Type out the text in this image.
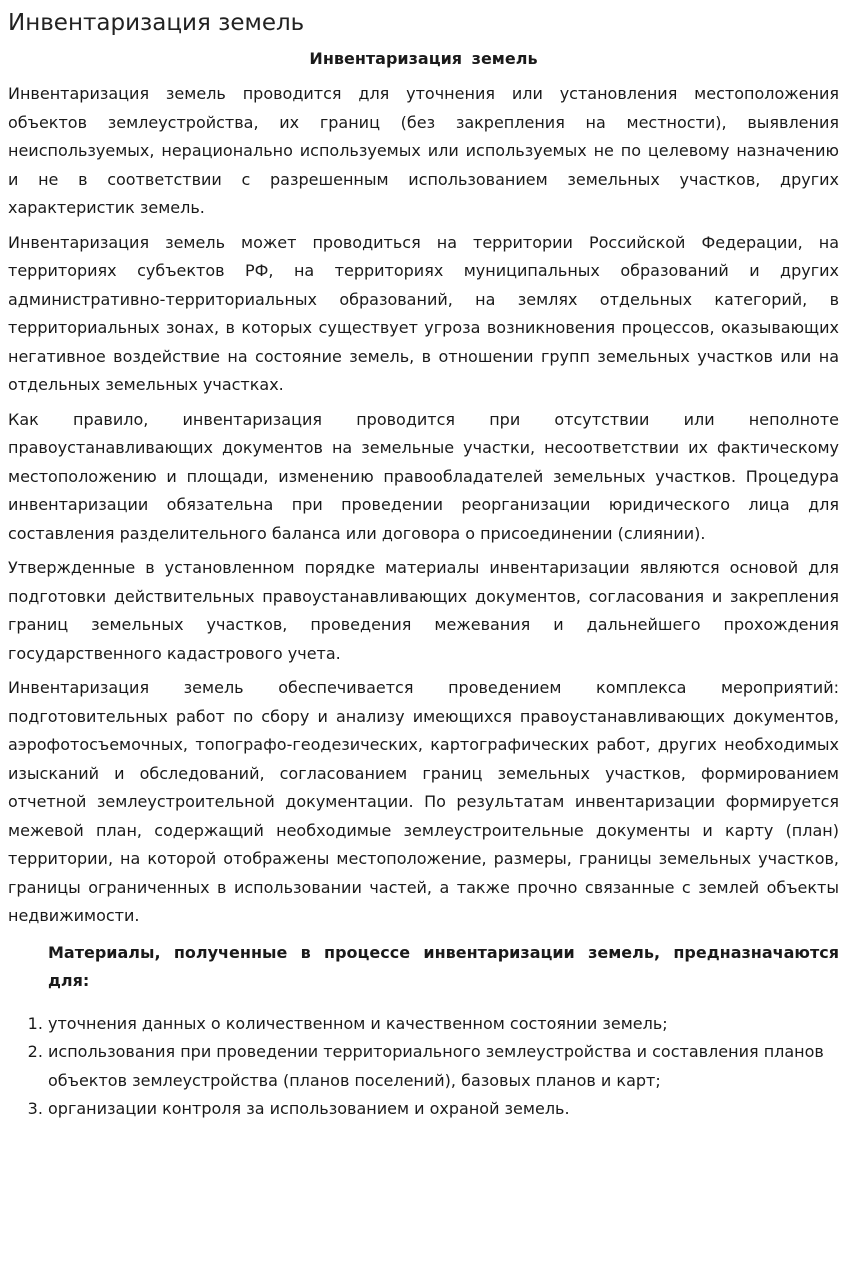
Инвентаризация земель
Инвентаризация земель

Инвентаризация земель проводится для уточнения или установления местоположения объектов землеустройства, их границ (без закрепления на местности), выявления неиспользуемых, нерационально используемых или используемых не по целевому назначению и не в соответствии с разрешенным использованием земельных участков, других характеристик земель.

Инвентаризация земель может проводиться на территории Российской Федерации, на территориях субъектов РФ, на территориях муниципальных образований и других административно-территориальных образований, на землях отдельных категорий, в территориальных зонах, в которых существует угроза возникновения процессов, оказывающих негативное воздействие на состояние земель, в отношении групп земельных участков или на отдельных земельных участках.

Как правило, инвентаризация проводится при отсутствии или неполноте правоустанавливающих документов на земельные участки, несоответствии их фактическому местоположению и площади, изменению правообладателей земельных участков. Процедура инвентаризации обязательна при проведении реорганизации юридического лица для составления разделительного баланса или договора о присоединении (слиянии).

Утвержденные в установленном порядке материалы инвентаризации являются основой для подготовки действительных правоустанавливающих документов, согласования и закрепления границ земельных участков, проведения межевания и дальнейшего прохождения государственного кадастрового учета.

Инвентаризация земель обеспечивается проведением комплекса мероприятий: подготовительных работ по сбору и анализу имеющихся правоустанавливающих документов, аэрофотосъемочных, топографо-геодезических, картографических работ, других необходимых изысканий и обследований, согласованием границ земельных участков, формированием отчетной землеустроительной документации. По результатам инвентаризации формируется межевой план, содержащий необходимые землеустроительные документы и карту (план) территории, на которой отображены местоположение, размеры, границы земельных участков, границы ограниченных в использовании частей, а также прочно связанные с землей объекты недвижимости.

Материалы, полученные в процессе инвентаризации земель, предназначаются для:

1. уточнения данных о количественном и качественном состоянии земель;
2. использования при проведении территориального землеустройства и составления планов объектов землеустройства (планов поселений), базовых планов и карт;
3. организации контроля за использованием и охраной земель.
